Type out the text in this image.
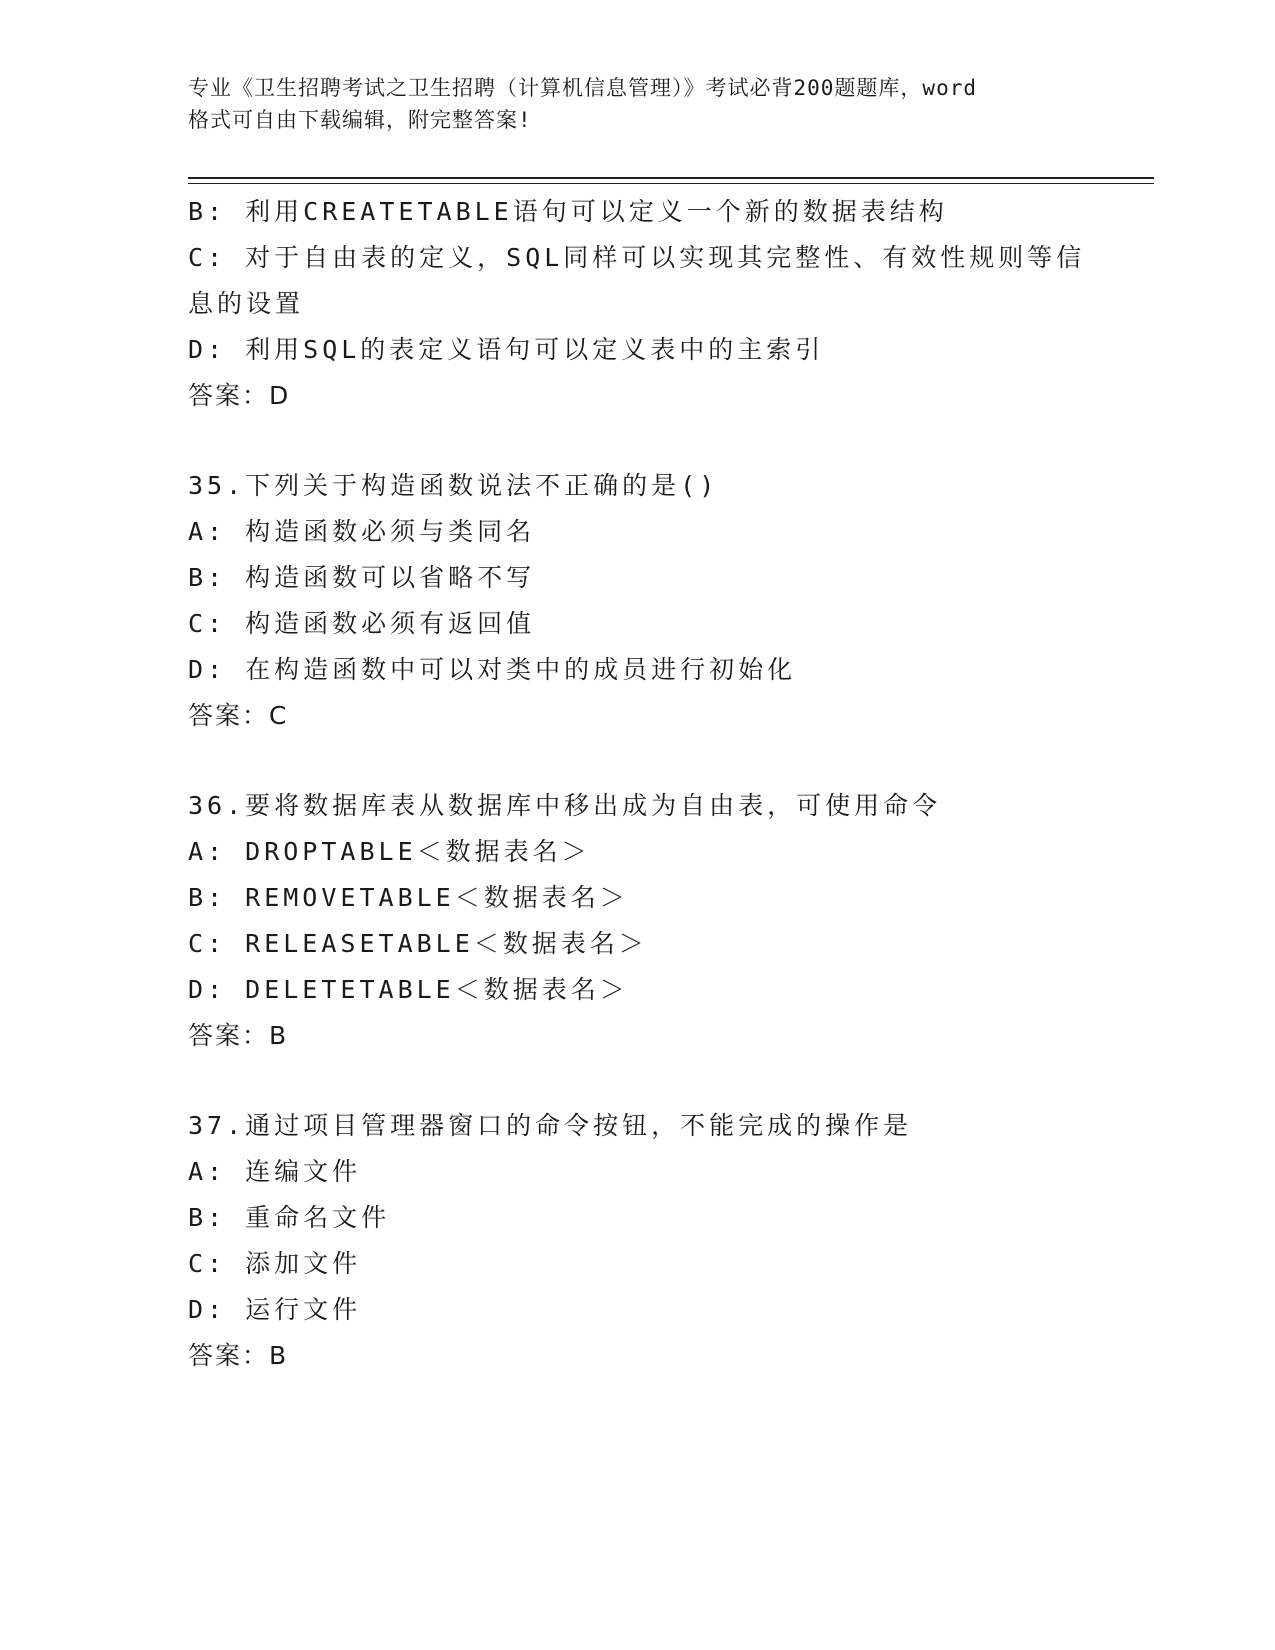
专业《卫生招聘考试之卫生招聘（计算机信息管理）》考试必背200题题库，word
格式可自由下载编辑，附完整答案!
B: 利用CREATETABLE语句可以定义一个新的数据表结构
C: 对于自由表的定义，SQL同样可以实现其完整性、有效性规则等信
息的设置
D: 利用SQL的表定义语句可以定义表中的主索引
答案：D
35.下列关于构造函数说法不正确的是()
A: 构造函数必须与类同名
B: 构造函数可以省略不写
C: 构造函数必须有返回值
D: 在构造函数中可以对类中的成员进行初始化
答案：C
36.要将数据库表从数据库中移出成为自由表，可使用命令
A: DROPTABLE＜数据表名＞
B: REMOVETABLE＜数据表名＞
C: RELEASETABLE＜数据表名＞
D: DELETETABLE＜数据表名＞
答案：B
37.通过项目管理器窗口的命令按钮，不能完成的操作是
A: 连编文件
B: 重命名文件
C: 添加文件
D: 运行文件
答案：B
